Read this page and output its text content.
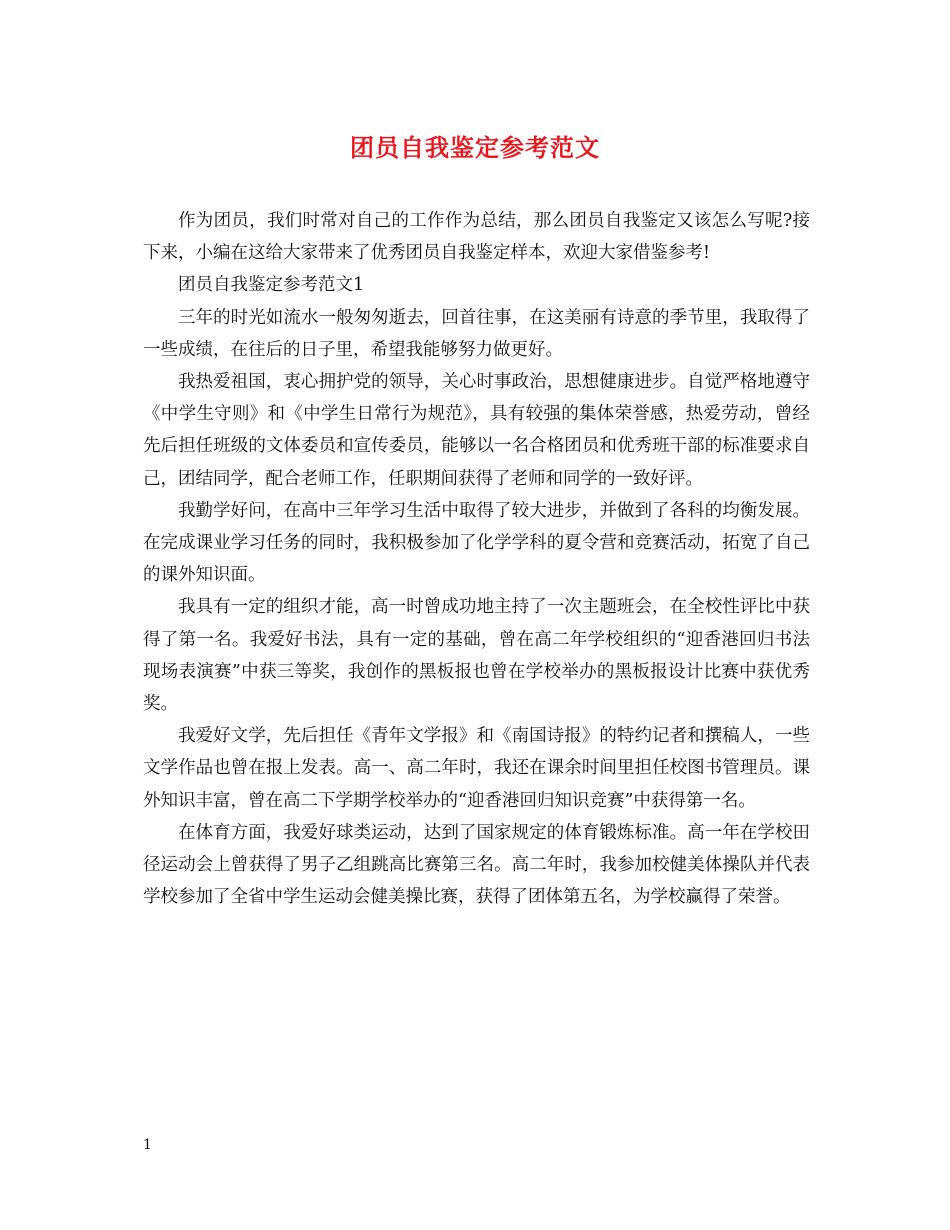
团员自我鉴定参考范文

作为团员，我们时常对自己的工作作为总结，那么团员自我鉴定又该怎么写呢?接下来，小编在这给大家带来了优秀团员自我鉴定样本，欢迎大家借鉴参考!

团员自我鉴定参考范文1

三年的时光如流水一般匆匆逝去，回首往事，在这美丽有诗意的季节里，我取得了一些成绩，在往后的日子里，希望我能够努力做更好。

我热爱祖国，衷心拥护党的领导，关心时事政治，思想健康进步。自觉严格地遵守《中学生守则》和《中学生日常行为规范》，具有较强的集体荣誉感，热爱劳动，曾经先后担任班级的文体委员和宣传委员，能够以一名合格团员和优秀班干部的标准要求自己，团结同学，配合老师工作，任职期间获得了老师和同学的一致好评。

我勤学好问，在高中三年学习生活中取得了较大进步，并做到了各科的均衡发展。在完成课业学习任务的同时，我积极参加了化学学科的夏令营和竞赛活动，拓宽了自己的课外知识面。

我具有一定的组织才能，高一时曾成功地主持了一次主题班会，在全校性评比中获得了第一名。我爱好书法，具有一定的基础，曾在高二年学校组织的“迎香港回归书法现场表演赛”中获三等奖，我创作的黑板报也曾在学校举办的黑板报设计比赛中获优秀奖。

我爱好文学，先后担任《青年文学报》和《南国诗报》的特约记者和撰稿人，一些文学作品也曾在报上发表。高一、高二年时，我还在课余时间里担任校图书管理员。课外知识丰富，曾在高二下学期学校举办的“迎香港回归知识竞赛”中获得第一名。

在体育方面，我爱好球类运动，达到了国家规定的体育锻炼标准。高一年在学校田径运动会上曾获得了男子乙组跳高比赛第三名。高二年时，我参加校健美体操队并代表学校参加了全省中学生运动会健美操比赛，获得了团体第五名，为学校赢得了荣誉。

1
